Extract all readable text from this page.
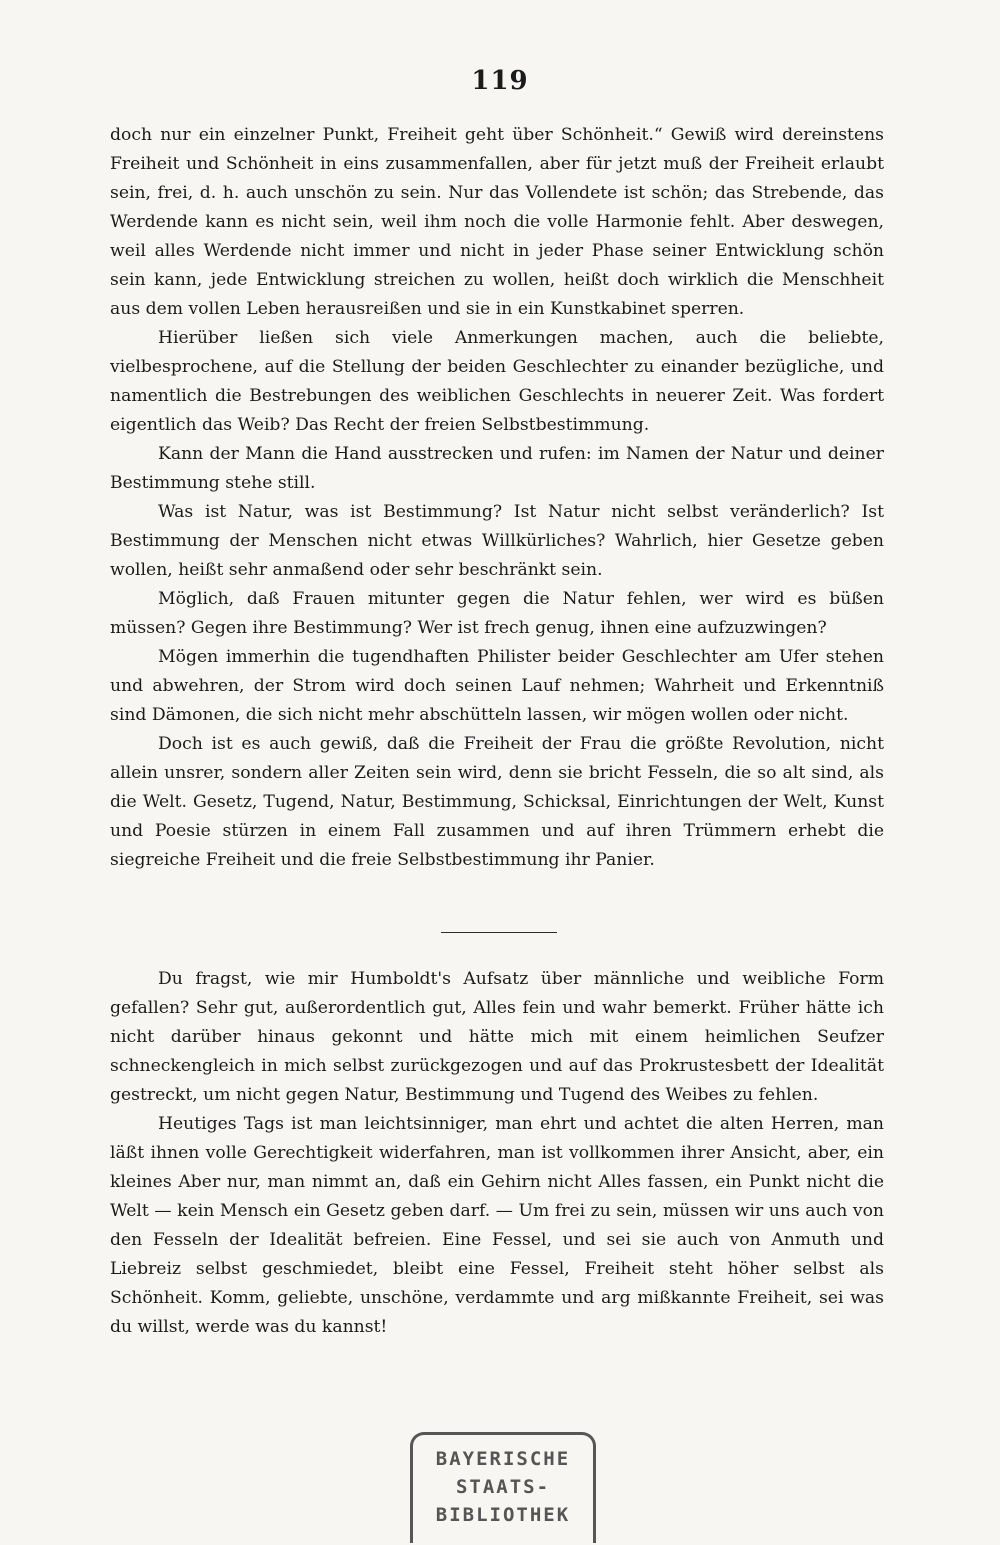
119

doch nur ein einzelner Punkt, Freiheit geht über Schönheit.“ Gewiß wird dereinstens Freiheit und Schönheit in eins zusammenfallen, aber für jetzt muß der Freiheit erlaubt sein, frei, d. h. auch unschön zu sein. Nur das Vollendete ist schön; das Strebende, das Werdende kann es nicht sein, weil ihm noch die volle Harmonie fehlt. Aber deswegen, weil alles Werdende nicht immer und nicht in jeder Phase seiner Entwicklung schön sein kann, jede Entwicklung streichen zu wollen, heißt doch wirklich die Menschheit aus dem vollen Leben herausreißen und sie in ein Kunstkabinet sperren.

Hierüber ließen sich viele Anmerkungen machen, auch die beliebte, vielbesprochene, auf die Stellung der beiden Geschlechter zu einander bezügliche, und namentlich die Bestrebungen des weiblichen Geschlechts in neuerer Zeit. Was fordert eigentlich das Weib? Das Recht der freien Selbstbestimmung.

Kann der Mann die Hand ausstrecken und rufen: im Namen der Natur und deiner Bestimmung stehe still.

Was ist Natur, was ist Bestimmung? Ist Natur nicht selbst veränderlich? Ist Bestimmung der Menschen nicht etwas Willkürliches? Wahrlich, hier Gesetze geben wollen, heißt sehr anmaßend oder sehr beschränkt sein.

Möglich, daß Frauen mitunter gegen die Natur fehlen, wer wird es büßen müssen? Gegen ihre Bestimmung? Wer ist frech genug, ihnen eine aufzuzwingen?

Mögen immerhin die tugendhaften Philister beider Geschlechter am Ufer stehen und abwehren, der Strom wird doch seinen Lauf nehmen; Wahrheit und Erkenntniß sind Dämonen, die sich nicht mehr abschütteln lassen, wir mögen wollen oder nicht.

Doch ist es auch gewiß, daß die Freiheit der Frau die größte Revolution, nicht allein unsrer, sondern aller Zeiten sein wird, denn sie bricht Fesseln, die so alt sind, als die Welt. Gesetz, Tugend, Natur, Bestimmung, Schicksal, Einrichtungen der Welt, Kunst und Poesie stürzen in einem Fall zusammen und auf ihren Trümmern erhebt die siegreiche Freiheit und die freie Selbstbestimmung ihr Panier.

Du fragst, wie mir Humboldt's Aufsatz über männliche und weibliche Form gefallen? Sehr gut, außerordentlich gut, Alles fein und wahr bemerkt. Früher hätte ich nicht darüber hinaus gekonnt und hätte mich mit einem heimlichen Seufzer schneckengleich in mich selbst zurückgezogen und auf das Prokrustesbett der Idealität gestreckt, um nicht gegen Natur, Bestimmung und Tugend des Weibes zu fehlen.

Heutiges Tags ist man leichtsinniger, man ehrt und achtet die alten Herren, man läßt ihnen volle Gerechtigkeit widerfahren, man ist vollkommen ihrer Ansicht, aber, ein kleines Aber nur, man nimmt an, daß ein Gehirn nicht Alles fassen, ein Punkt nicht die Welt — kein Mensch ein Gesetz geben darf. — Um frei zu sein, müssen wir uns auch von den Fesseln der Idealität befreien. Eine Fessel, und sei sie auch von Anmuth und Liebreiz selbst geschmiedet, bleibt eine Fessel, Freiheit steht höher selbst als Schönheit. Komm, geliebte, unschöne, verdammte und arg mißkannte Freiheit, sei was du willst, werde was du kannst!

BAYERISCHE
STAATS-
BIBLIOTHEK
